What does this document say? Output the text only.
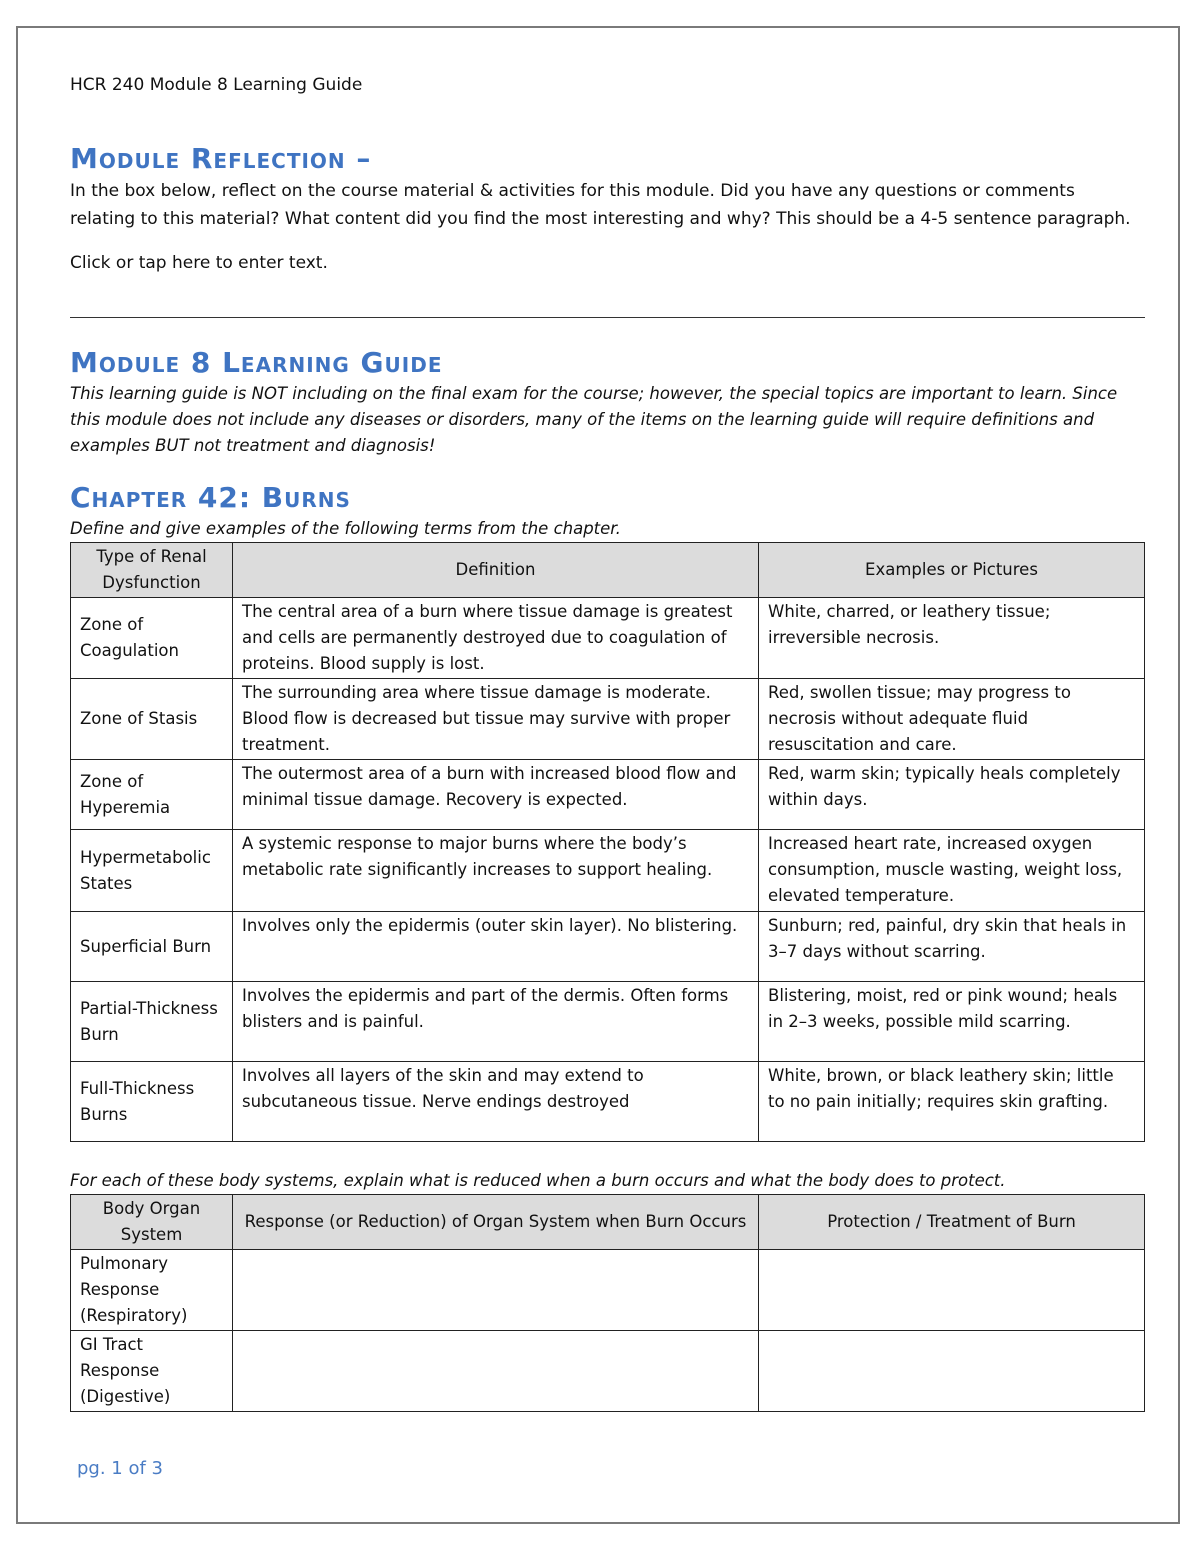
HCR 240 Module 8 Learning Guide

Module Reflection –

In the box below, reflect on the course material & activities for this module. Did you have any questions or comments relating to this material? What content did you find the most interesting and why? This should be a 4-5 sentence paragraph.

Click or tap here to enter text.

Module 8 Learning Guide

This learning guide is NOT including on the final exam for the course; however, the special topics are important to learn. Since this module does not include any diseases or disorders, many of the items on the learning guide will require definitions and examples BUT not treatment and diagnosis!

Chapter 42: Burns

Define and give examples of the following terms from the chapter.

Type of Renal Dysfunction	Definition	Examples or Pictures
Zone of Coagulation	The central area of a burn where tissue damage is greatest and cells are permanently destroyed due to coagulation of proteins. Blood supply is lost.	White, charred, or leathery tissue; irreversible necrosis.
Zone of Stasis	The surrounding area where tissue damage is moderate. Blood flow is decreased but tissue may survive with proper treatment.	Red, swollen tissue; may progress to necrosis without adequate fluid resuscitation and care.
Zone of Hyperemia	The outermost area of a burn with increased blood flow and minimal tissue damage. Recovery is expected.	Red, warm skin; typically heals completely within days.
Hypermetabolic States	A systemic response to major burns where the body’s metabolic rate significantly increases to support healing.	Increased heart rate, increased oxygen consumption, muscle wasting, weight loss, elevated temperature.
Superficial Burn	Involves only the epidermis (outer skin layer). No blistering.	Sunburn; red, painful, dry skin that heals in 3–7 days without scarring.
Partial-Thickness Burn	Involves the epidermis and part of the dermis. Often forms blisters and is painful.	Blistering, moist, red or pink wound; heals in 2–3 weeks, possible mild scarring.
Full-Thickness Burns	Involves all layers of the skin and may extend to subcutaneous tissue. Nerve endings destroyed	White, brown, or black leathery skin; little to no pain initially; requires skin grafting.

For each of these body systems, explain what is reduced when a burn occurs and what the body does to protect.

Body Organ System	Response (or Reduction) of Organ System when Burn Occurs	Protection / Treatment of Burn
Pulmonary Response (Respiratory)		
GI Tract Response (Digestive)		
pg. 1 of 3
